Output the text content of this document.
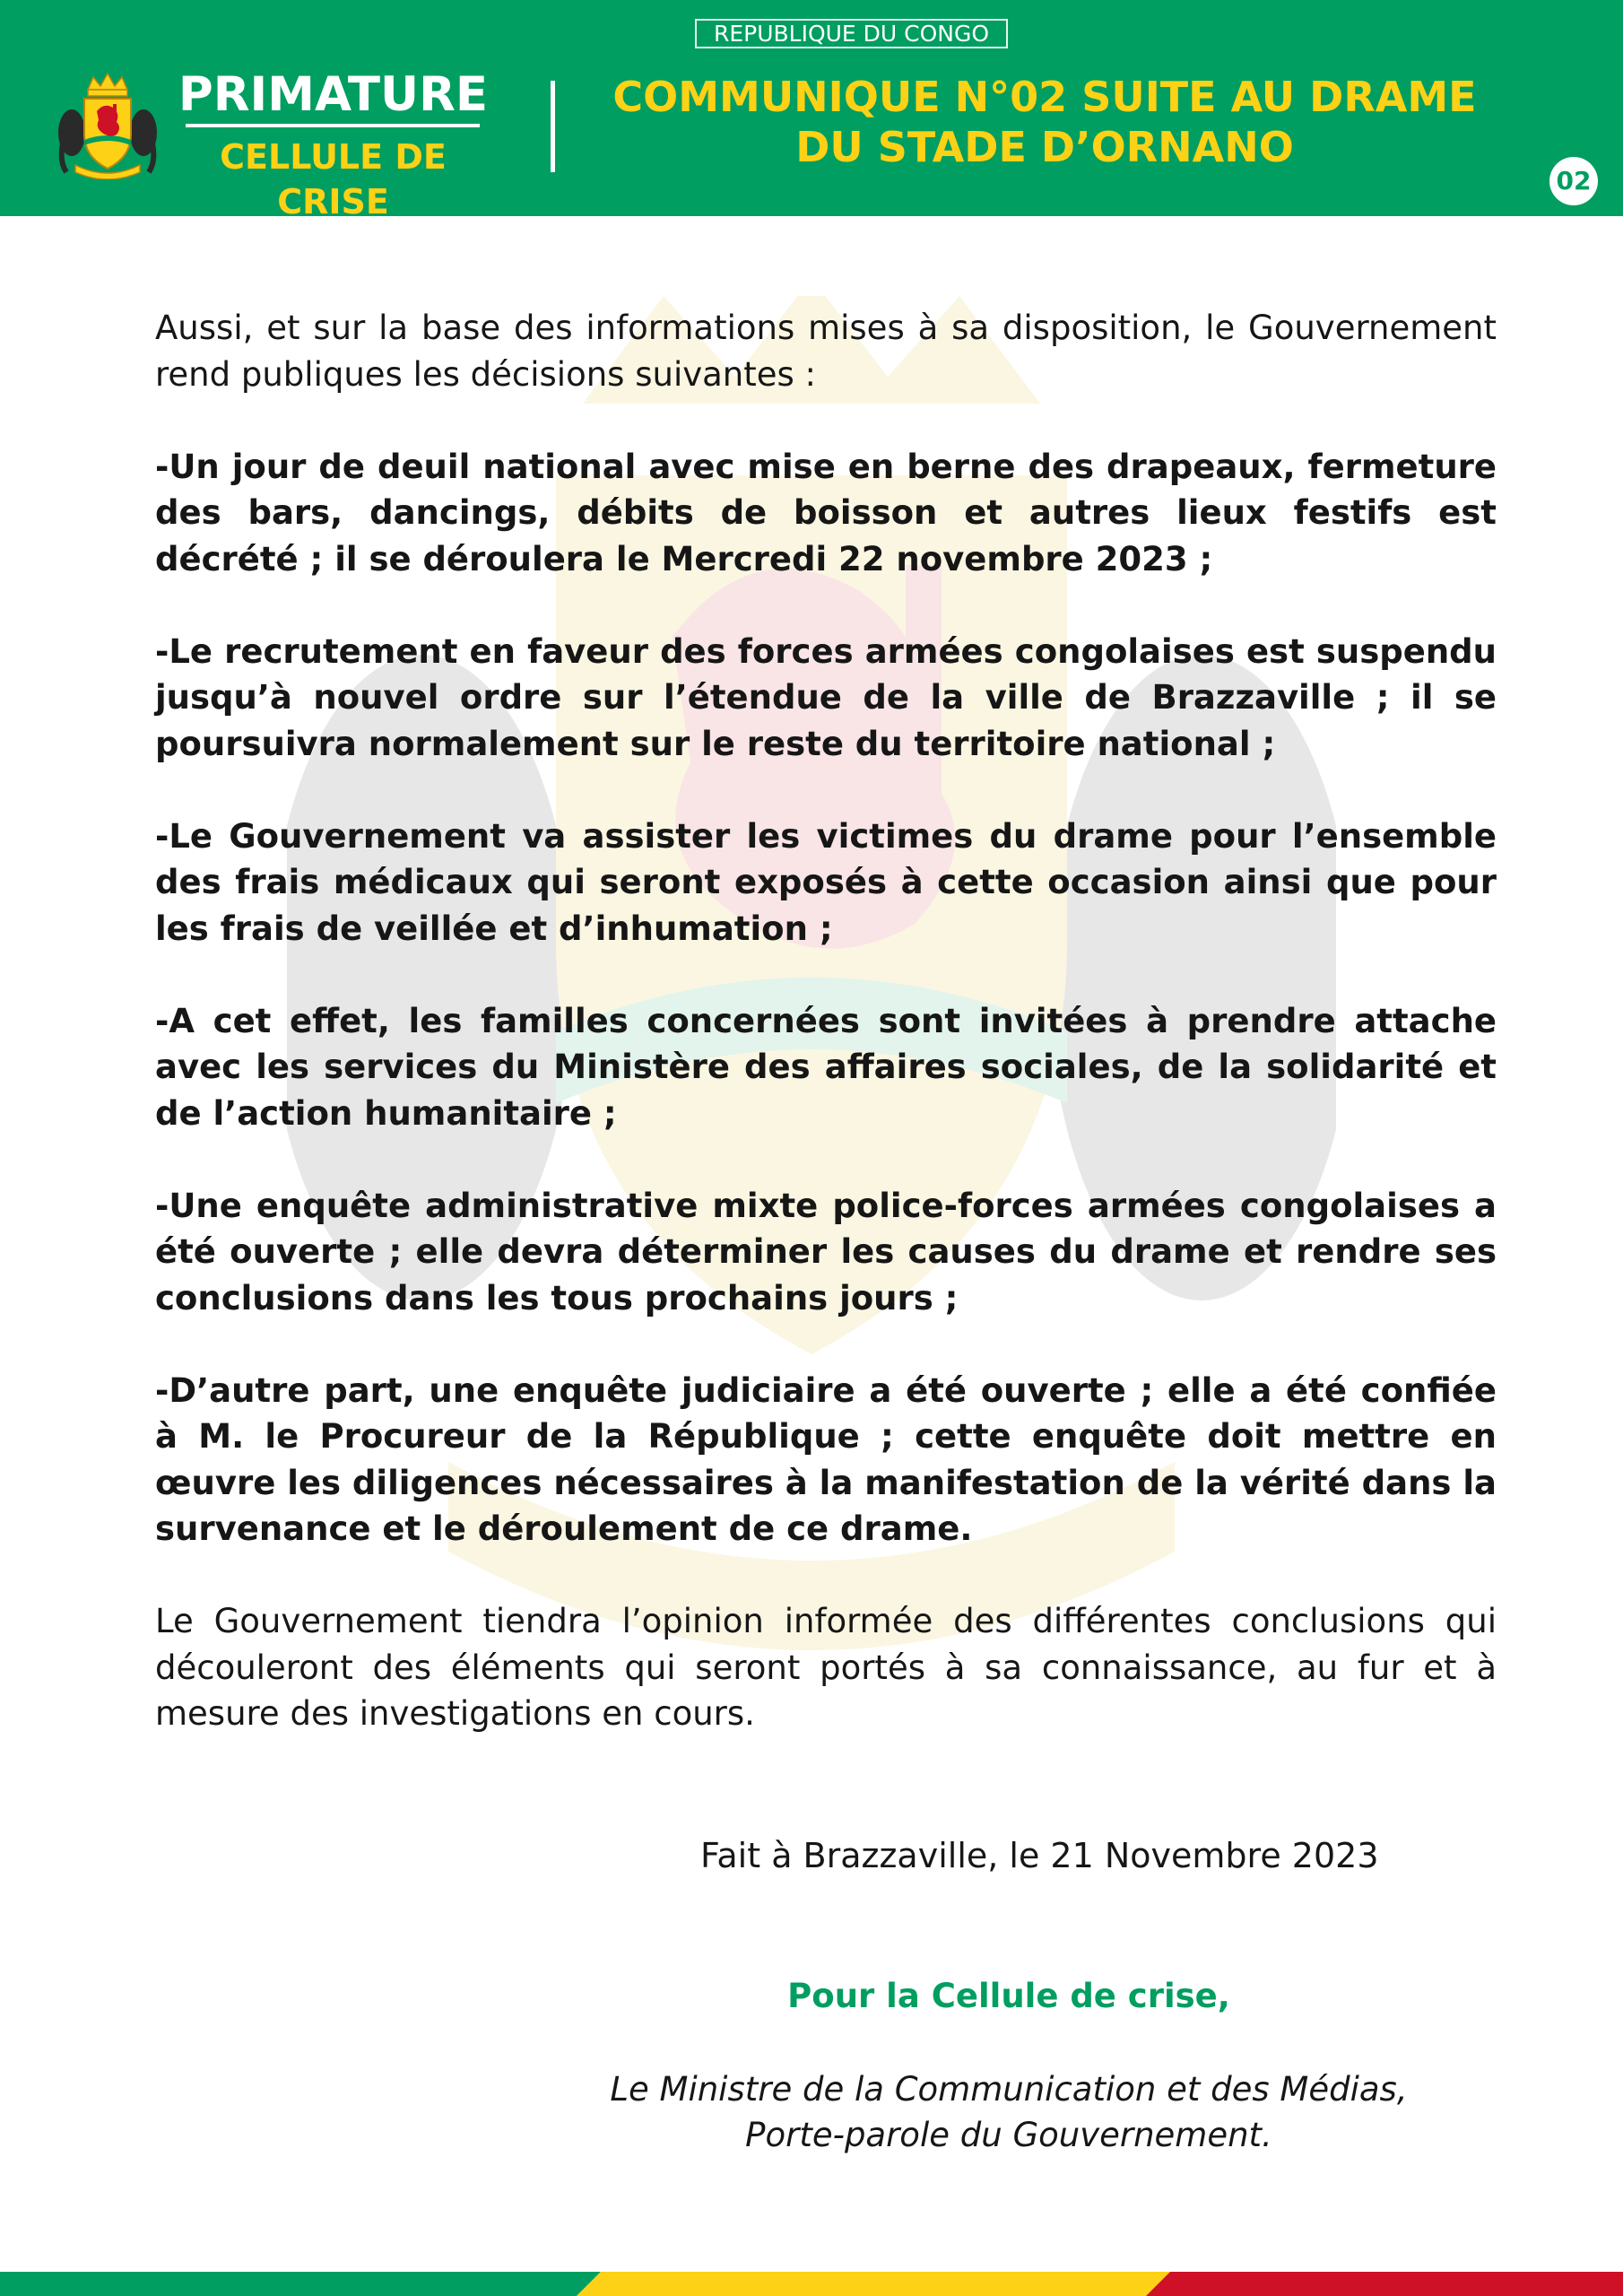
REPUBLIQUE DU CONGO
PRIMATURE
CELLULE DE CRISE
COMMUNIQUE N°02 SUITE AU DRAME
DU STADE D’ORNANO
02

Aussi, et sur la base des informations mises à sa disposition, le Gouvernement rend publiques les décisions suivantes :

-Un jour de deuil national avec mise en berne des drapeaux, fermeture des bars, dancings, débits de boisson et autres lieux festifs est décrété ; il se déroulera le Mercredi 22 novembre 2023 ;

-Le recrutement en faveur des forces armées congolaises est suspendu jusqu’à nouvel ordre sur l’étendue de la ville de Brazzaville ; il se poursuivra normalement sur le reste du territoire national ;

-Le Gouvernement va assister les victimes du drame pour l’ensemble des frais médicaux qui seront exposés à cette occasion ainsi que pour les frais de veillée et d’inhumation ;

-A cet effet, les familles concernées sont invitées à prendre attache avec les services du Ministère des affaires sociales, de la solidarité et de l’action humanitaire ;

-Une enquête administrative mixte police-forces armées congolaises a été ouverte ; elle devra déterminer les causes du drame et rendre ses conclusions dans les tous prochains jours ;

-D’autre part, une enquête judiciaire a été ouverte ; elle a été confiée à M. le Procureur de la République ; cette enquête doit mettre en œuvre les diligences nécessaires à la manifestation de la vérité dans la survenance et le déroulement de ce drame.

Le Gouvernement tiendra l’opinion informée des différentes conclusions qui découleront des éléments qui seront portés à sa connaissance, au fur et à mesure des investigations en cours.

Fait à Brazzaville, le 21 Novembre 2023
Pour la Cellule de crise,
Le Ministre de la Communication et des Médias,
Porte-parole du Gouvernement.
